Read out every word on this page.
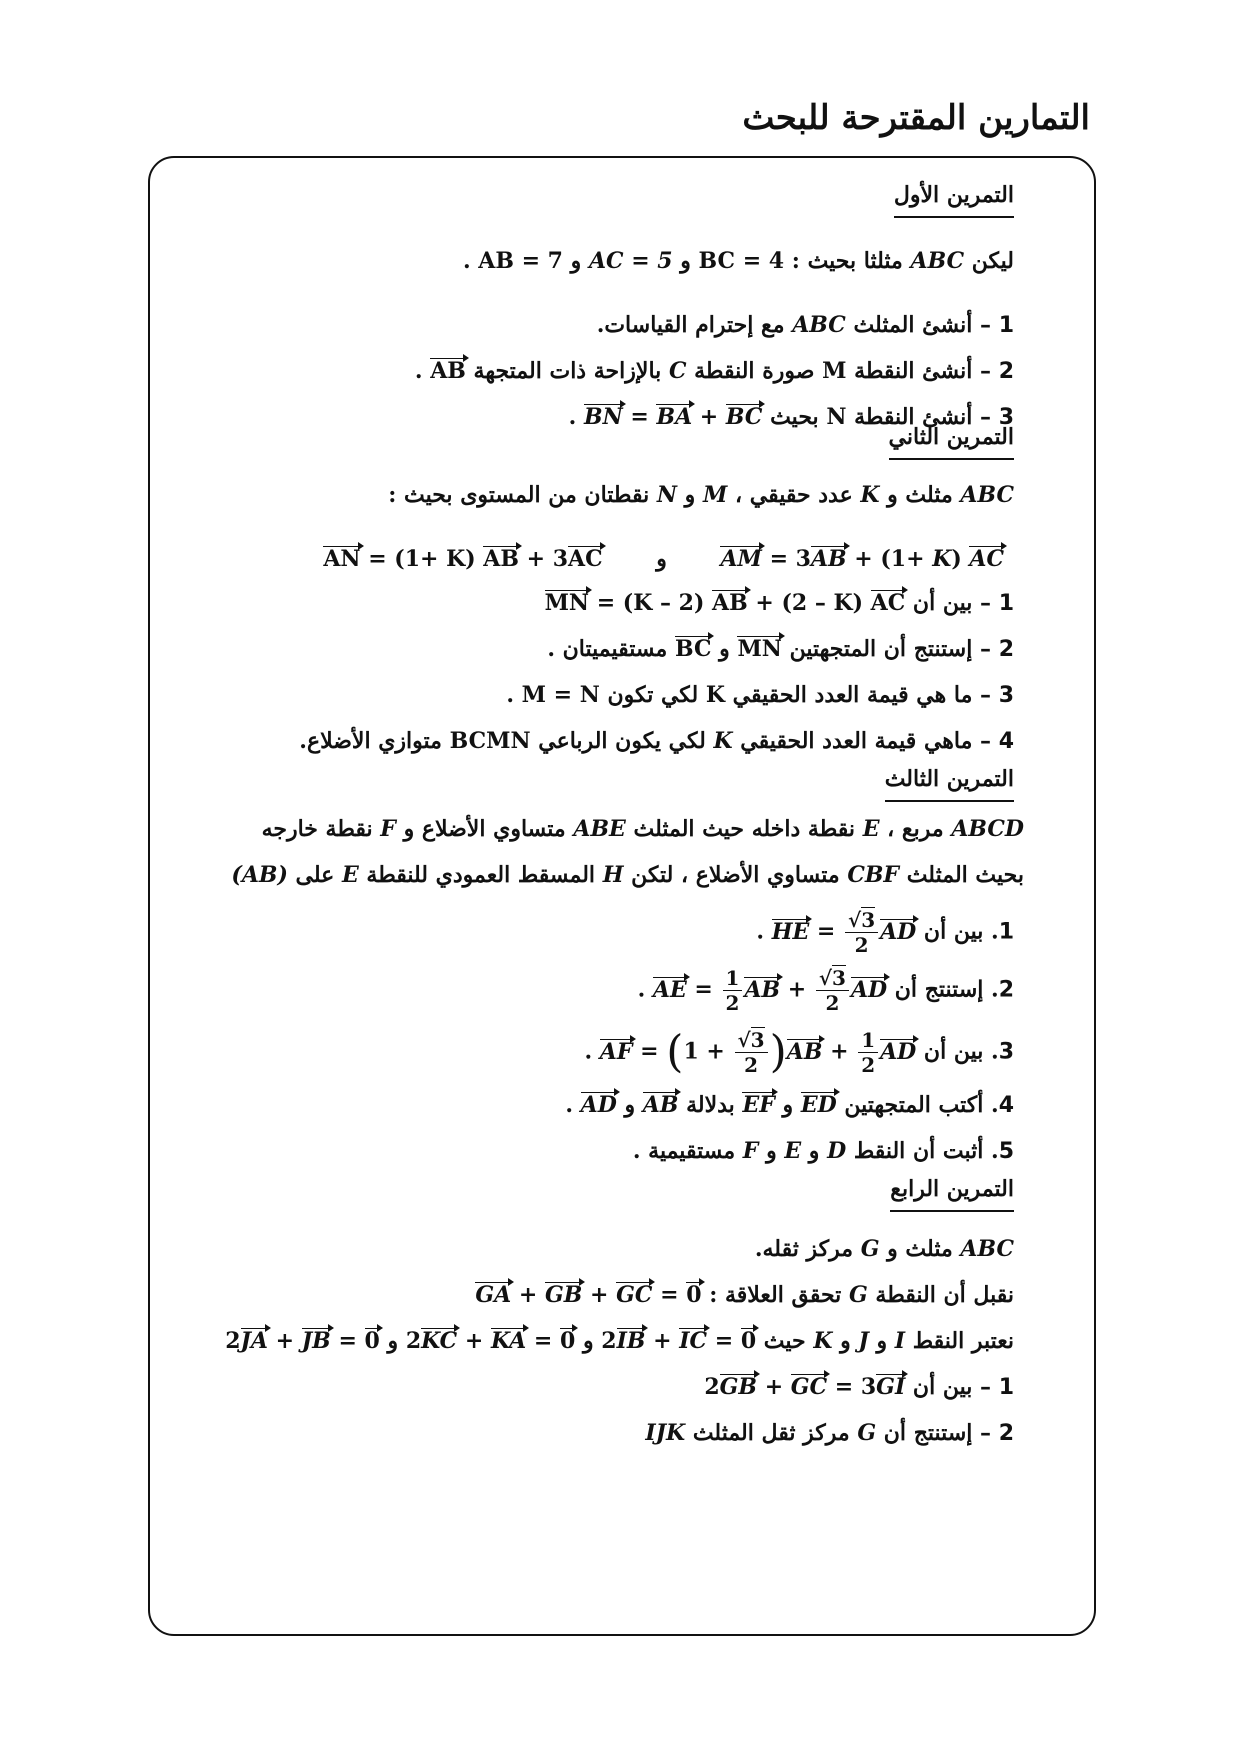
التمارين المقترحة للبحث
التمرين الأول
ليكن ABC مثلثا بحيث : BC = 4 و AC = 5 و AB = 7 .
1 – أنشئ المثلث ABC مع إحترام القياسات.
2 – أنشئ النقطة M صورة النقطة C بالإزاحة ذات المتجهة AB .
3 – أنشئ النقطة N بحيث BN = BA + BC .
التمرين الثاني
ABC مثلث و K عدد حقيقي ، M و N نقطتان من المستوى بحيث :
AM = 3AB + (1+ K) AC       و       AN = (1+ K) AB + 3AC
1 – بين أن MN = (K – 2) AB + (2 – K) AC
2 – إستنتج أن المتجهتين MN و BC مستقيميتان .
3 – ما هي قيمة العدد الحقيقي K لكي تكون M = N .
4 – ماهي قيمة العدد الحقيقي K لكي يكون الرباعي BCMN متوازي الأضلاع.
التمرين الثالث
ABCD مربع ، E نقطة داخله حيث المثلث ABE متساوي الأضلاع و F نقطة خارجه
بحيث المثلث CBF متساوي الأضلاع ، لتكن H المسقط العمودي للنقطة E على (AB)
1. بين أن HE = $\frac{√3}{2}$ AD .
2. إستنتج أن AE = $\frac{1}{2}$ AB + $\frac{√3}{2}$ AD .
3. بين أن AF = $(1 + \frac{√3}{2} )AB + \frac{1}{2}$ AD .
4. أكتب المتجهتين ED و EF بدلالة AB و AD .
5. أثبت أن النقط D و E و F مستقيمية .
التمرين الرابع
ABC مثلث و G مركز ثقله.
نقبل أن النقطة G تحقق العلاقة : GA + GB + GC = 0
نعتبر النقط I و J و K حيث 2IB + IC = 0 و 2KC + KA = 0 و 2JA + JB = 0
1 – بين أن 2GB + GC = 3GI
2 – إستنتج أن G مركز ثقل المثلث IJK
